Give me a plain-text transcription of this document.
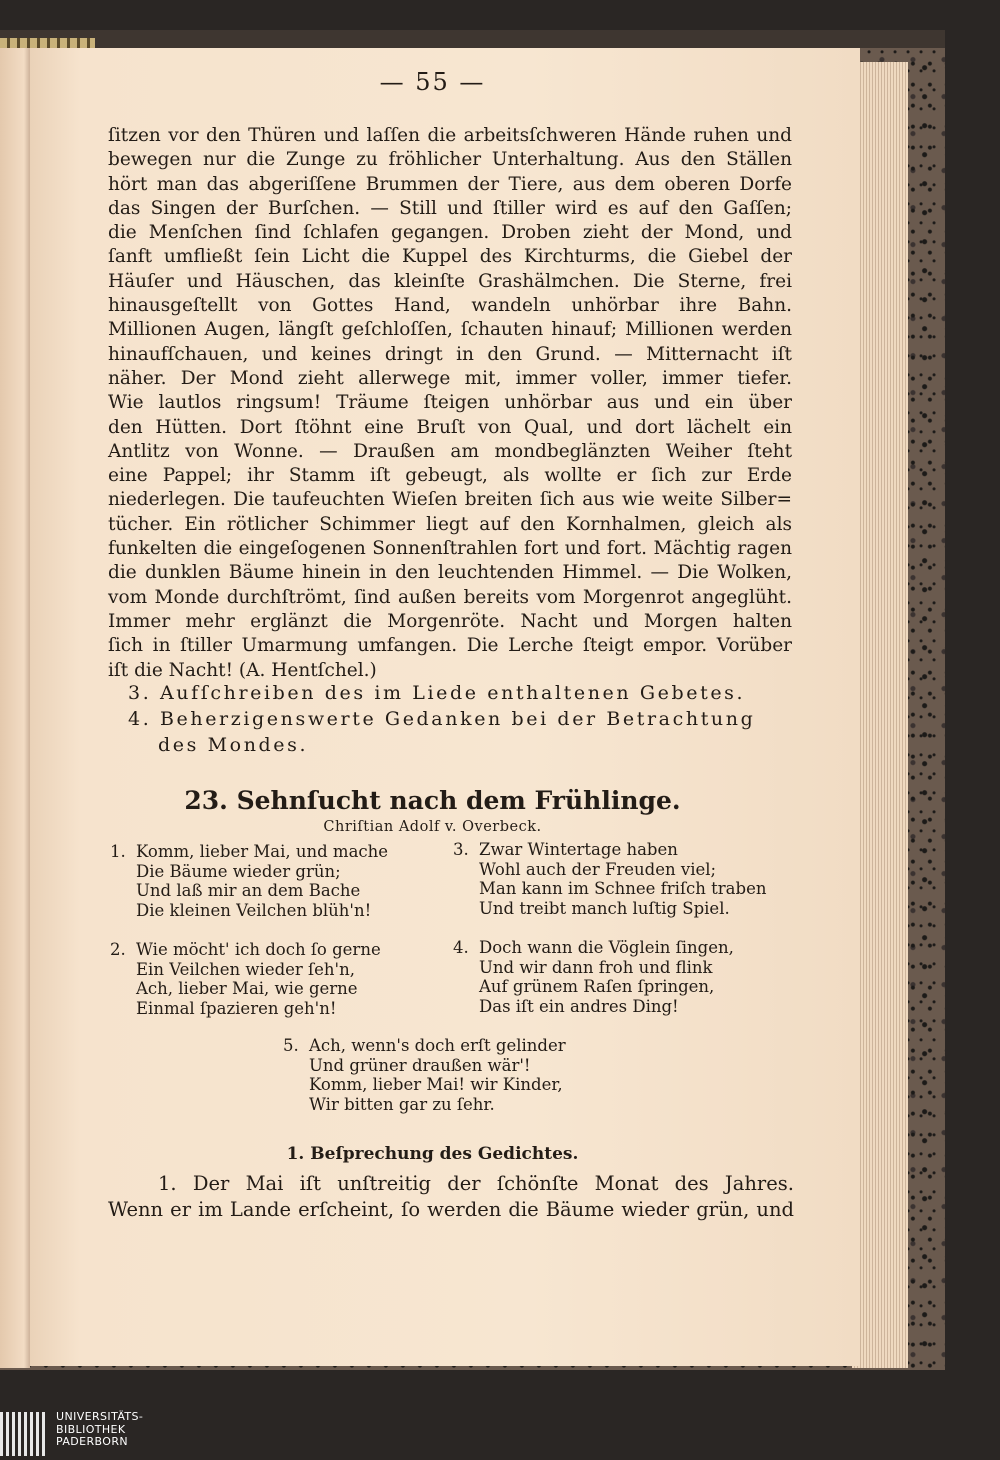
— 55 —
ſitzen vor den Thüren und laſſen die arbeitsſchweren Hände ruhen und
bewegen nur die Zunge zu fröhlicher Unterhaltung. Aus den Ställen
hört man das abgeriſſene Brummen der Tiere, aus dem oberen Dorfe
das Singen der Burſchen. — Still und ſtiller wird es auf den Gaſſen;
die Menſchen ſind ſchlafen gegangen. Droben zieht der Mond, und
ſanft umfließt ſein Licht die Kuppel des Kirchturms, die Giebel der
Häuſer und Häuschen, das kleinſte Grashälmchen. Die Sterne, frei
hinausgeſtellt von Gottes Hand, wandeln unhörbar ihre Bahn.
Millionen Augen, längſt geſchloſſen, ſchauten hinauf; Millionen werden
hinaufſchauen, und keines dringt in den Grund. — Mitternacht iſt
näher. Der Mond zieht allerwege mit, immer voller, immer tiefer.
Wie lautlos ringsum! Träume ſteigen unhörbar aus und ein über
den Hütten. Dort ſtöhnt eine Bruſt von Qual, und dort lächelt ein
Antlitz von Wonne. — Draußen am mondbeglänzten Weiher ſteht
eine Pappel; ihr Stamm iſt gebeugt, als wollte er ſich zur Erde
niederlegen. Die taufeuchten Wieſen breiten ſich aus wie weite Silber=
tücher. Ein rötlicher Schimmer liegt auf den Kornhalmen, gleich als
funkelten die eingeſogenen Sonnenſtrahlen fort und fort. Mächtig ragen
die dunklen Bäume hinein in den leuchtenden Himmel. — Die Wolken,
vom Monde durchſtrömt, ſind außen bereits vom Morgenrot angeglüht.
Immer mehr erglänzt die Morgenröte. Nacht und Morgen halten
ſich in ſtiller Umarmung umfangen. Die Lerche ſteigt empor. Vorüber
iſt die Nacht! (A. Hentſchel.)
3. Aufſchreiben des im Liede enthaltenen Gebetes.
4. Beherzigenswerte Gedanken bei der Betrachtung
des Mondes.
23. Sehnſucht nach dem Frühlinge.
Chriſtian Adolf v. Overbeck.
1. Komm, lieber Mai, und mache
Die Bäume wieder grün;
Und laß mir an dem Bache
Die kleinen Veilchen blüh'n!
3. Zwar Wintertage haben
Wohl auch der Freuden viel;
Man kann im Schnee friſch traben
Und treibt manch luſtig Spiel.
2. Wie möcht' ich doch ſo gerne
Ein Veilchen wieder ſeh'n,
Ach, lieber Mai, wie gerne
Einmal ſpazieren geh'n!
4. Doch wann die Vöglein ſingen,
Und wir dann froh und flink
Auf grünem Raſen ſpringen,
Das iſt ein andres Ding!
5. Ach, wenn's doch erſt gelinder
Und grüner draußen wär'!
Komm, lieber Mai! wir Kinder,
Wir bitten gar zu ſehr.
1. Beſprechung des Gedichtes.
1. Der Mai iſt unſtreitig der ſchönſte Monat des Jahres.
Wenn er im Lande erſcheint, ſo werden die Bäume wieder grün, und
UNIVERSITÄTS-
BIBLIOTHEK
PADERBORN
